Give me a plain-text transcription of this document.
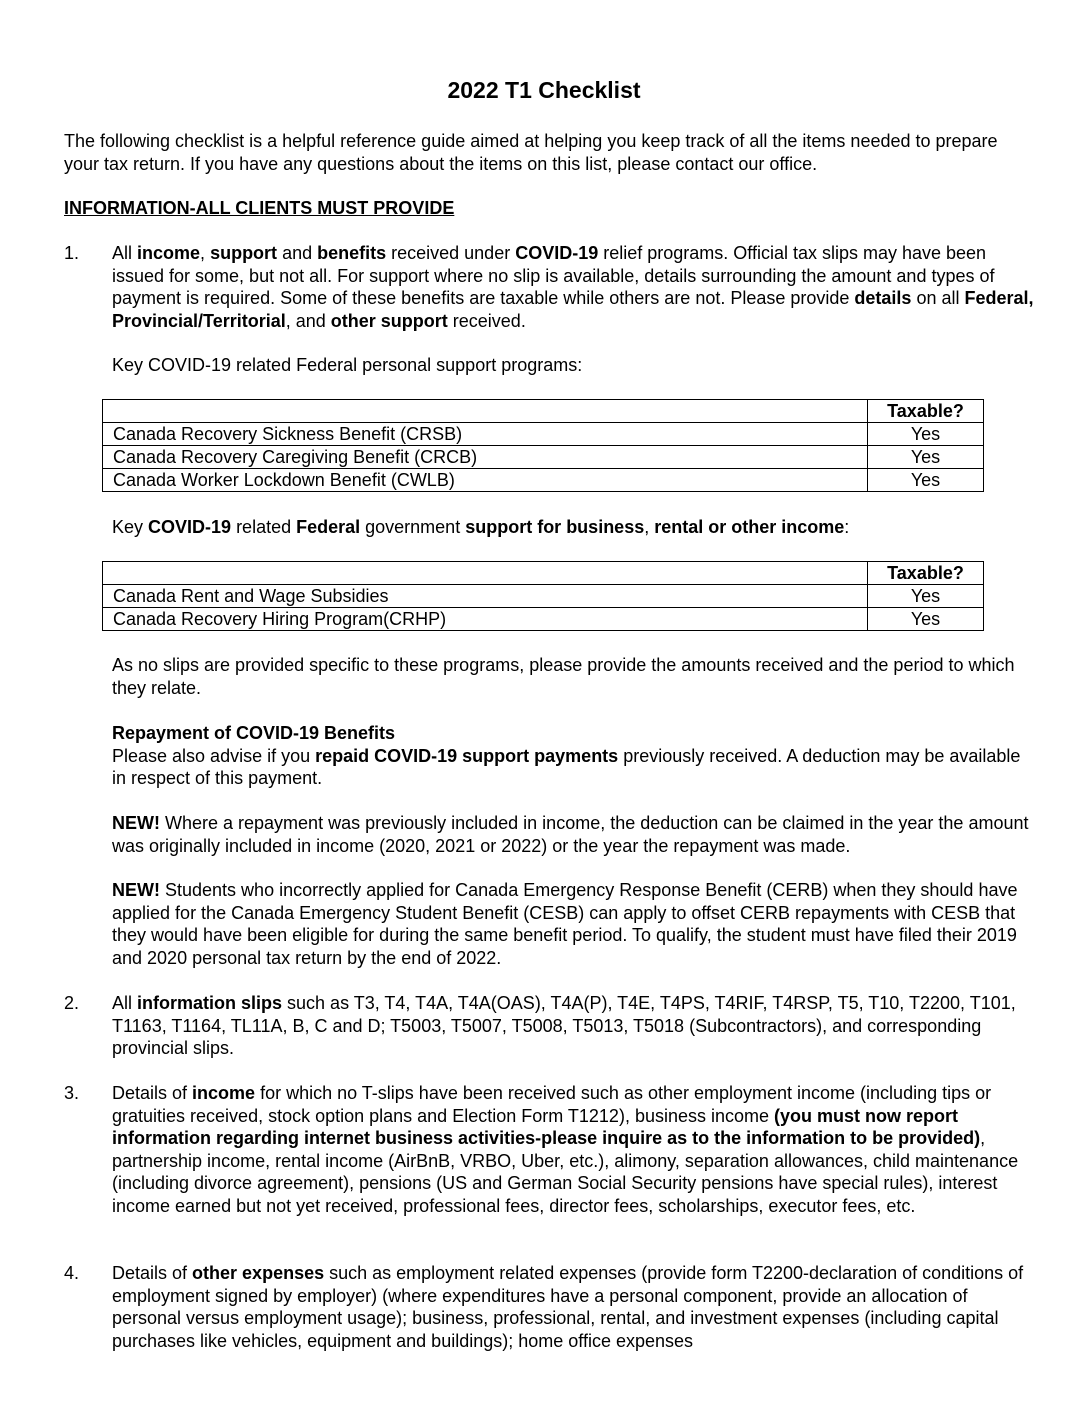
2022 T1 Checklist

The following checklist is a helpful reference guide aimed at helping you keep track of all the items needed to prepare your tax return. If you have any questions about the items on this list, please contact our office.

INFORMATION-ALL CLIENTS MUST PROVIDE

1. All income, support and benefits received under COVID-19 relief programs. Official tax slips may have been issued for some, but not all. For support where no slip is available, details surrounding the amount and types of payment is required. Some of these benefits are taxable while others are not. Please provide details on all Federal, Provincial/Territorial, and other support received.

Key COVID-19 related Federal personal support programs:

	Taxable?
Canada Recovery Sickness Benefit (CRSB)	Yes
Canada Recovery Caregiving Benefit (CRCB)	Yes
Canada Worker Lockdown Benefit (CWLB)	Yes

Key COVID-19 related Federal government support for business, rental or other income:

	Taxable?
Canada Rent and Wage Subsidies	Yes
Canada Recovery Hiring Program(CRHP)	Yes

As no slips are provided specific to these programs, please provide the amounts received and the period to which they relate.

Repayment of COVID-19 Benefits
Please also advise if you repaid COVID-19 support payments previously received. A deduction may be available in respect of this payment.

NEW! Where a repayment was previously included in income, the deduction can be claimed in the year the amount was originally included in income (2020, 2021 or 2022) or the year the repayment was made.

NEW! Students who incorrectly applied for Canada Emergency Response Benefit (CERB) when they should have applied for the Canada Emergency Student Benefit (CESB) can apply to offset CERB repayments with CESB that they would have been eligible for during the same benefit period. To qualify, the student must have filed their 2019 and 2020 personal tax return by the end of 2022.

2. All information slips such as T3, T4, T4A, T4A(OAS), T4A(P), T4E, T4PS, T4RIF, T4RSP, T5, T10, T2200, T101, T1163, T1164, TL11A, B, C and D; T5003, T5007, T5008, T5013, T5018 (Subcontractors), and corresponding provincial slips.

3. Details of income for which no T-slips have been received such as other employment income (including tips or gratuities received, stock option plans and Election Form T1212), business income (you must now report information regarding internet business activities-please inquire as to the information to be provided), partnership income, rental income (AirBnB, VRBO, Uber, etc.), alimony, separation allowances, child maintenance (including divorce agreement), pensions (US and German Social Security pensions have special rules), interest income earned but not yet received, professional fees, director fees, scholarships, executor fees, etc.

4. Details of other expenses such as employment related expenses (provide form T2200-declaration of conditions of employment signed by employer) (where expenditures have a personal component, provide an allocation of personal versus employment usage); business, professional, rental, and investment expenses (including capital purchases like vehicles, equipment and buildings); home office expenses
